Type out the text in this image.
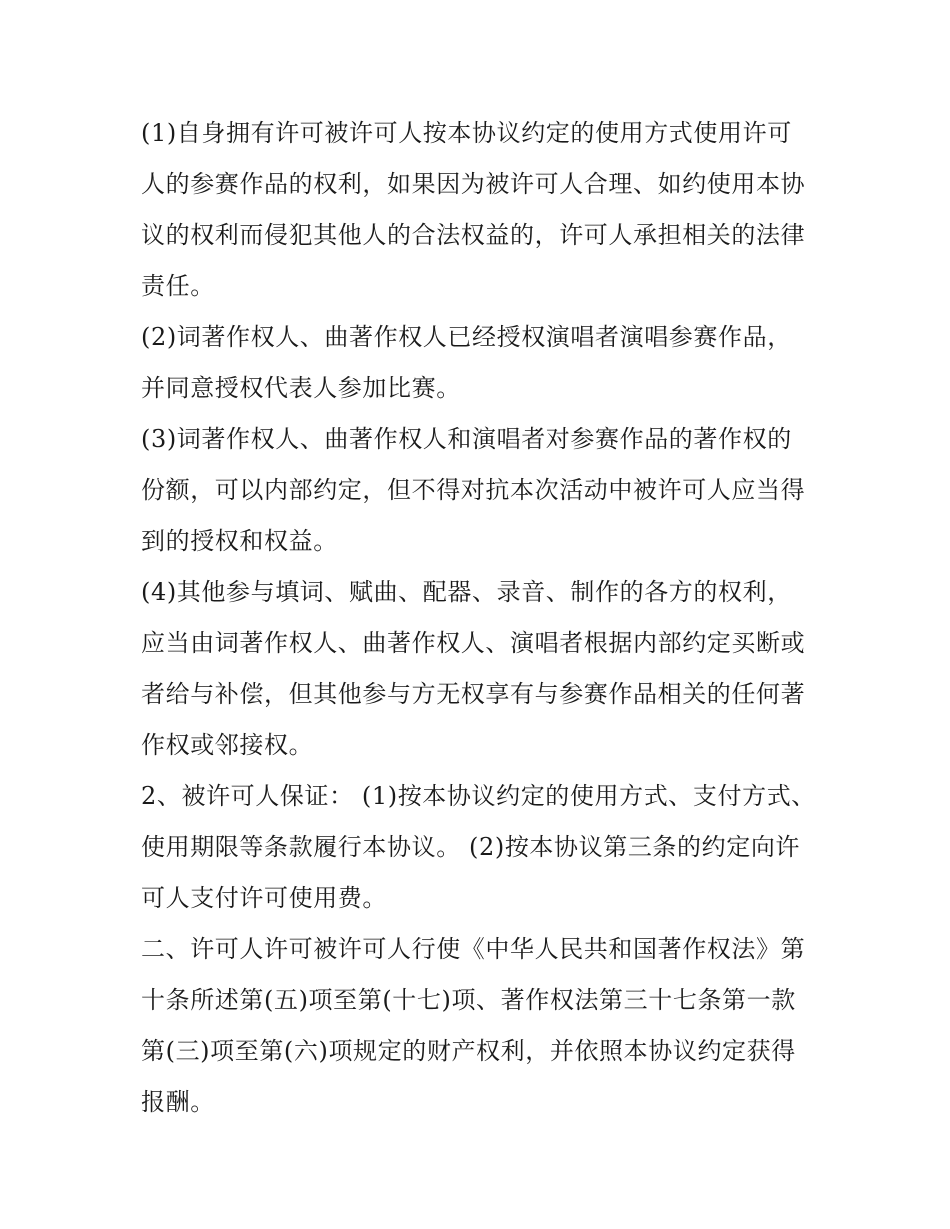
(1)自身拥有许可被许可人按本协议约定的使用方式使用许可
人的参赛作品的权利，如果因为被许可人合理、如约使用本协
议的权利而侵犯其他人的合法权益的，许可人承担相关的法律
责任。
(2)词著作权人、曲著作权人已经授权演唱者演唱参赛作品，
并同意授权代表人参加比赛。
(3)词著作权人、曲著作权人和演唱者对参赛作品的著作权的
份额，可以内部约定，但不得对抗本次活动中被许可人应当得
到的授权和权益。
(4)其他参与填词、赋曲、配器、录音、制作的各方的权利，
应当由词著作权人、曲著作权人、演唱者根据内部约定买断或
者给与补偿，但其他参与方无权享有与参赛作品相关的任何著
作权或邻接权。
2、被许可人保证： (1)按本协议约定的使用方式、支付方式、
使用期限等条款履行本协议。 (2)按本协议第三条的约定向许
可人支付许可使用费。
二、许可人许可被许可人行使《中华人民共和国著作权法》第
十条所述第(五)项至第(十七)项、著作权法第三十七条第一款
第(三)项至第(六)项规定的财产权利，并依照本协议约定获得
报酬。
